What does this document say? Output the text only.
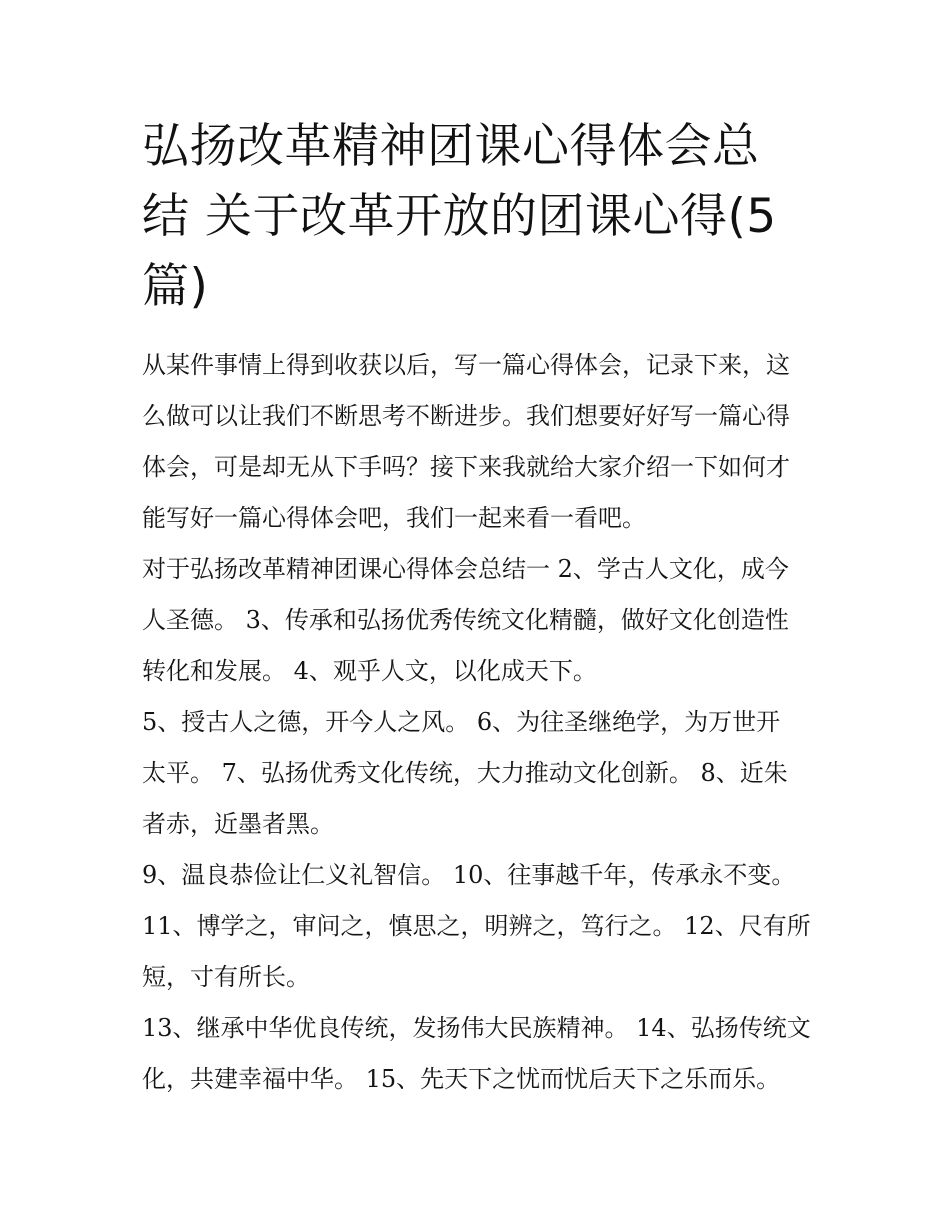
弘扬改革精神团课心得体会总
结 关于改革开放的团课心得(5
篇)

从某件事情上得到收获以后，写一篇心得体会，记录下来，这
么做可以让我们不断思考不断进步。我们想要好好写一篇心得
体会，可是却无从下手吗？接下来我就给大家介绍一下如何才
能写好一篇心得体会吧，我们一起来看一看吧。

对于弘扬改革精神团课心得体会总结一 2、学古人文化，成今
人圣德。 3、传承和弘扬优秀传统文化精髓，做好文化创造性
转化和发展。 4、观乎人文，以化成天下。

5、授古人之德，开今人之风。 6、为往圣继绝学，为万世开
太平。 7、弘扬优秀文化传统，大力推动文化创新。 8、近朱
者赤，近墨者黑。

9、温良恭俭让仁义礼智信。 10、往事越千年，传承永不变。

11、博学之，审问之，慎思之，明辨之，笃行之。 12、尺有所
短，寸有所长。

13、继承中华优良传统，发扬伟大民族精神。 14、弘扬传统文
化，共建幸福中华。 15、先天下之忧而忧后天下之乐而乐。
